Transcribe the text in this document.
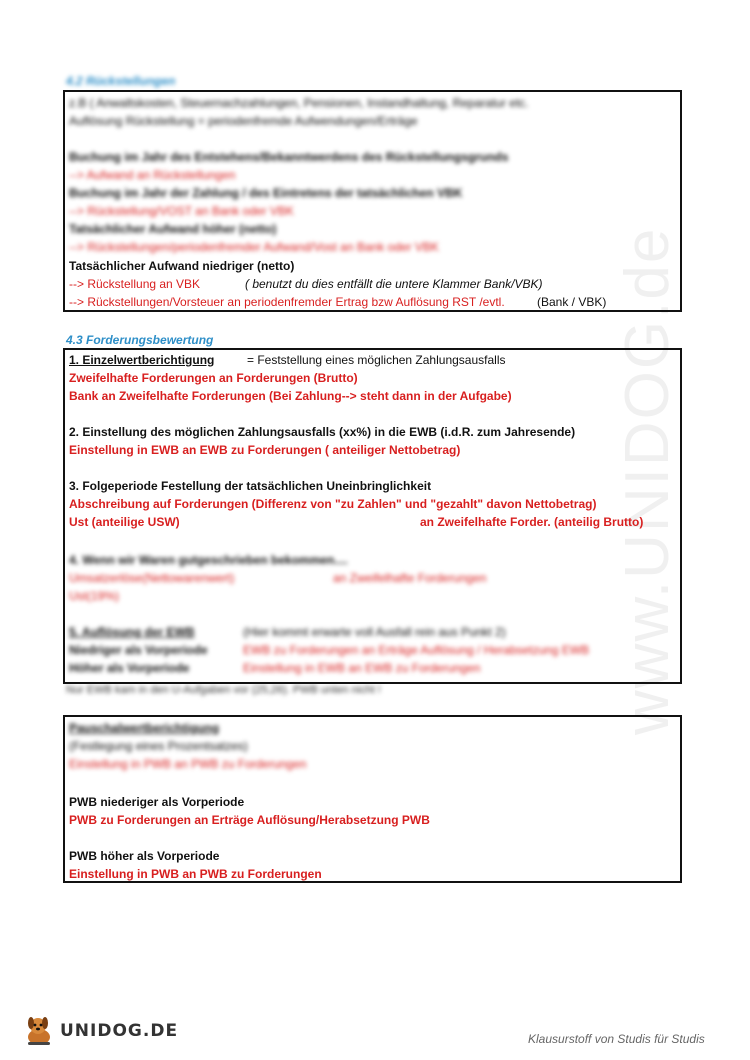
www.UNIDOG.de
4.2 Rückstellungen
z.B ( Anwaltskosten, Steuernachzahlungen, Pensionen, Instandhaltung, Reparatur etc.
Auflösung Rückstellung = periodenfremde Aufwendungen/Erträge
Buchung im Jahr des Entstehens/Bekanntwerdens des Rückstellungsgrunds
--> Aufwand an Rückstellungen
Buchung im Jahr der Zahlung / des Eintretens der tatsächlichen VBK
--> Rückstellung/VOST an Bank oder VBK
Tatsächlicher Aufwand höher (netto)
--> Rückstellungen/periodenfremder Aufwand/Vost an Bank oder VBK
Tatsächlicher Aufwand niedriger (netto)
--> Rückstellung an VBK	( benutzt du dies entfällt die untere Klammer Bank/VBK)
--> Rückstellungen/Vorsteuer an periodenfremder Ertrag bzw Auflösung RST /evtl.	(Bank / VBK)
4.3 Forderungsbewertung
1. Einzelwertberichtigung	= Feststellung eines möglichen Zahlungsausfalls
Zweifelhafte Forderungen an Forderungen (Brutto)
Bank an Zweifelhafte Forderungen (Bei Zahlung--> steht dann in der Aufgabe)
2. Einstellung des möglichen Zahlungsausfalls (xx%) in die EWB (i.d.R. zum Jahresende)
Einstellung in EWB an EWB zu Forderungen ( anteiliger Nettobetrag)
3. Folgeperiode Festellung der tatsächlichen Uneinbringlichkeit
Abschreibung auf Forderungen (Differenz von "zu Zahlen" und "gezahlt" davon Nettobetrag)
Ust (anteilige USW)	an Zweifelhafte Forder. (anteilig Brutto)
4. Wenn wir Waren gutgeschrieben bekommen....
Umsatzerlöse(Nettowarenwert)	an Zweifelhafte Forderungen
Ust(19%)
5. Auflösung der EWB	(Hier kommt erwarte voll Ausfall rein aus Punkt 2)
Niedriger als Vorperiode	EWB zu Forderungen an Erträge Auflösung / Herabsetzung EWB
Höher als Vorperiode	Einstellung in EWB an EWB zu Forderungen
Nur EWB kam in den U-Aufgaben vor (25,26). PWB unten nicht !
Pauschalwertberichtigung
(Festlegung eines Prozentsatzes)
Einstellung in PWB an PWB zu Forderungen
PWB niederiger als Vorperiode
PWB zu Forderungen an Erträge Auflösung/Herabsetzung PWB
PWB höher als Vorperiode
Einstellung in PWB an PWB zu Forderungen
UNIDOG.DE	Klausurstoff von Studis für Studis
